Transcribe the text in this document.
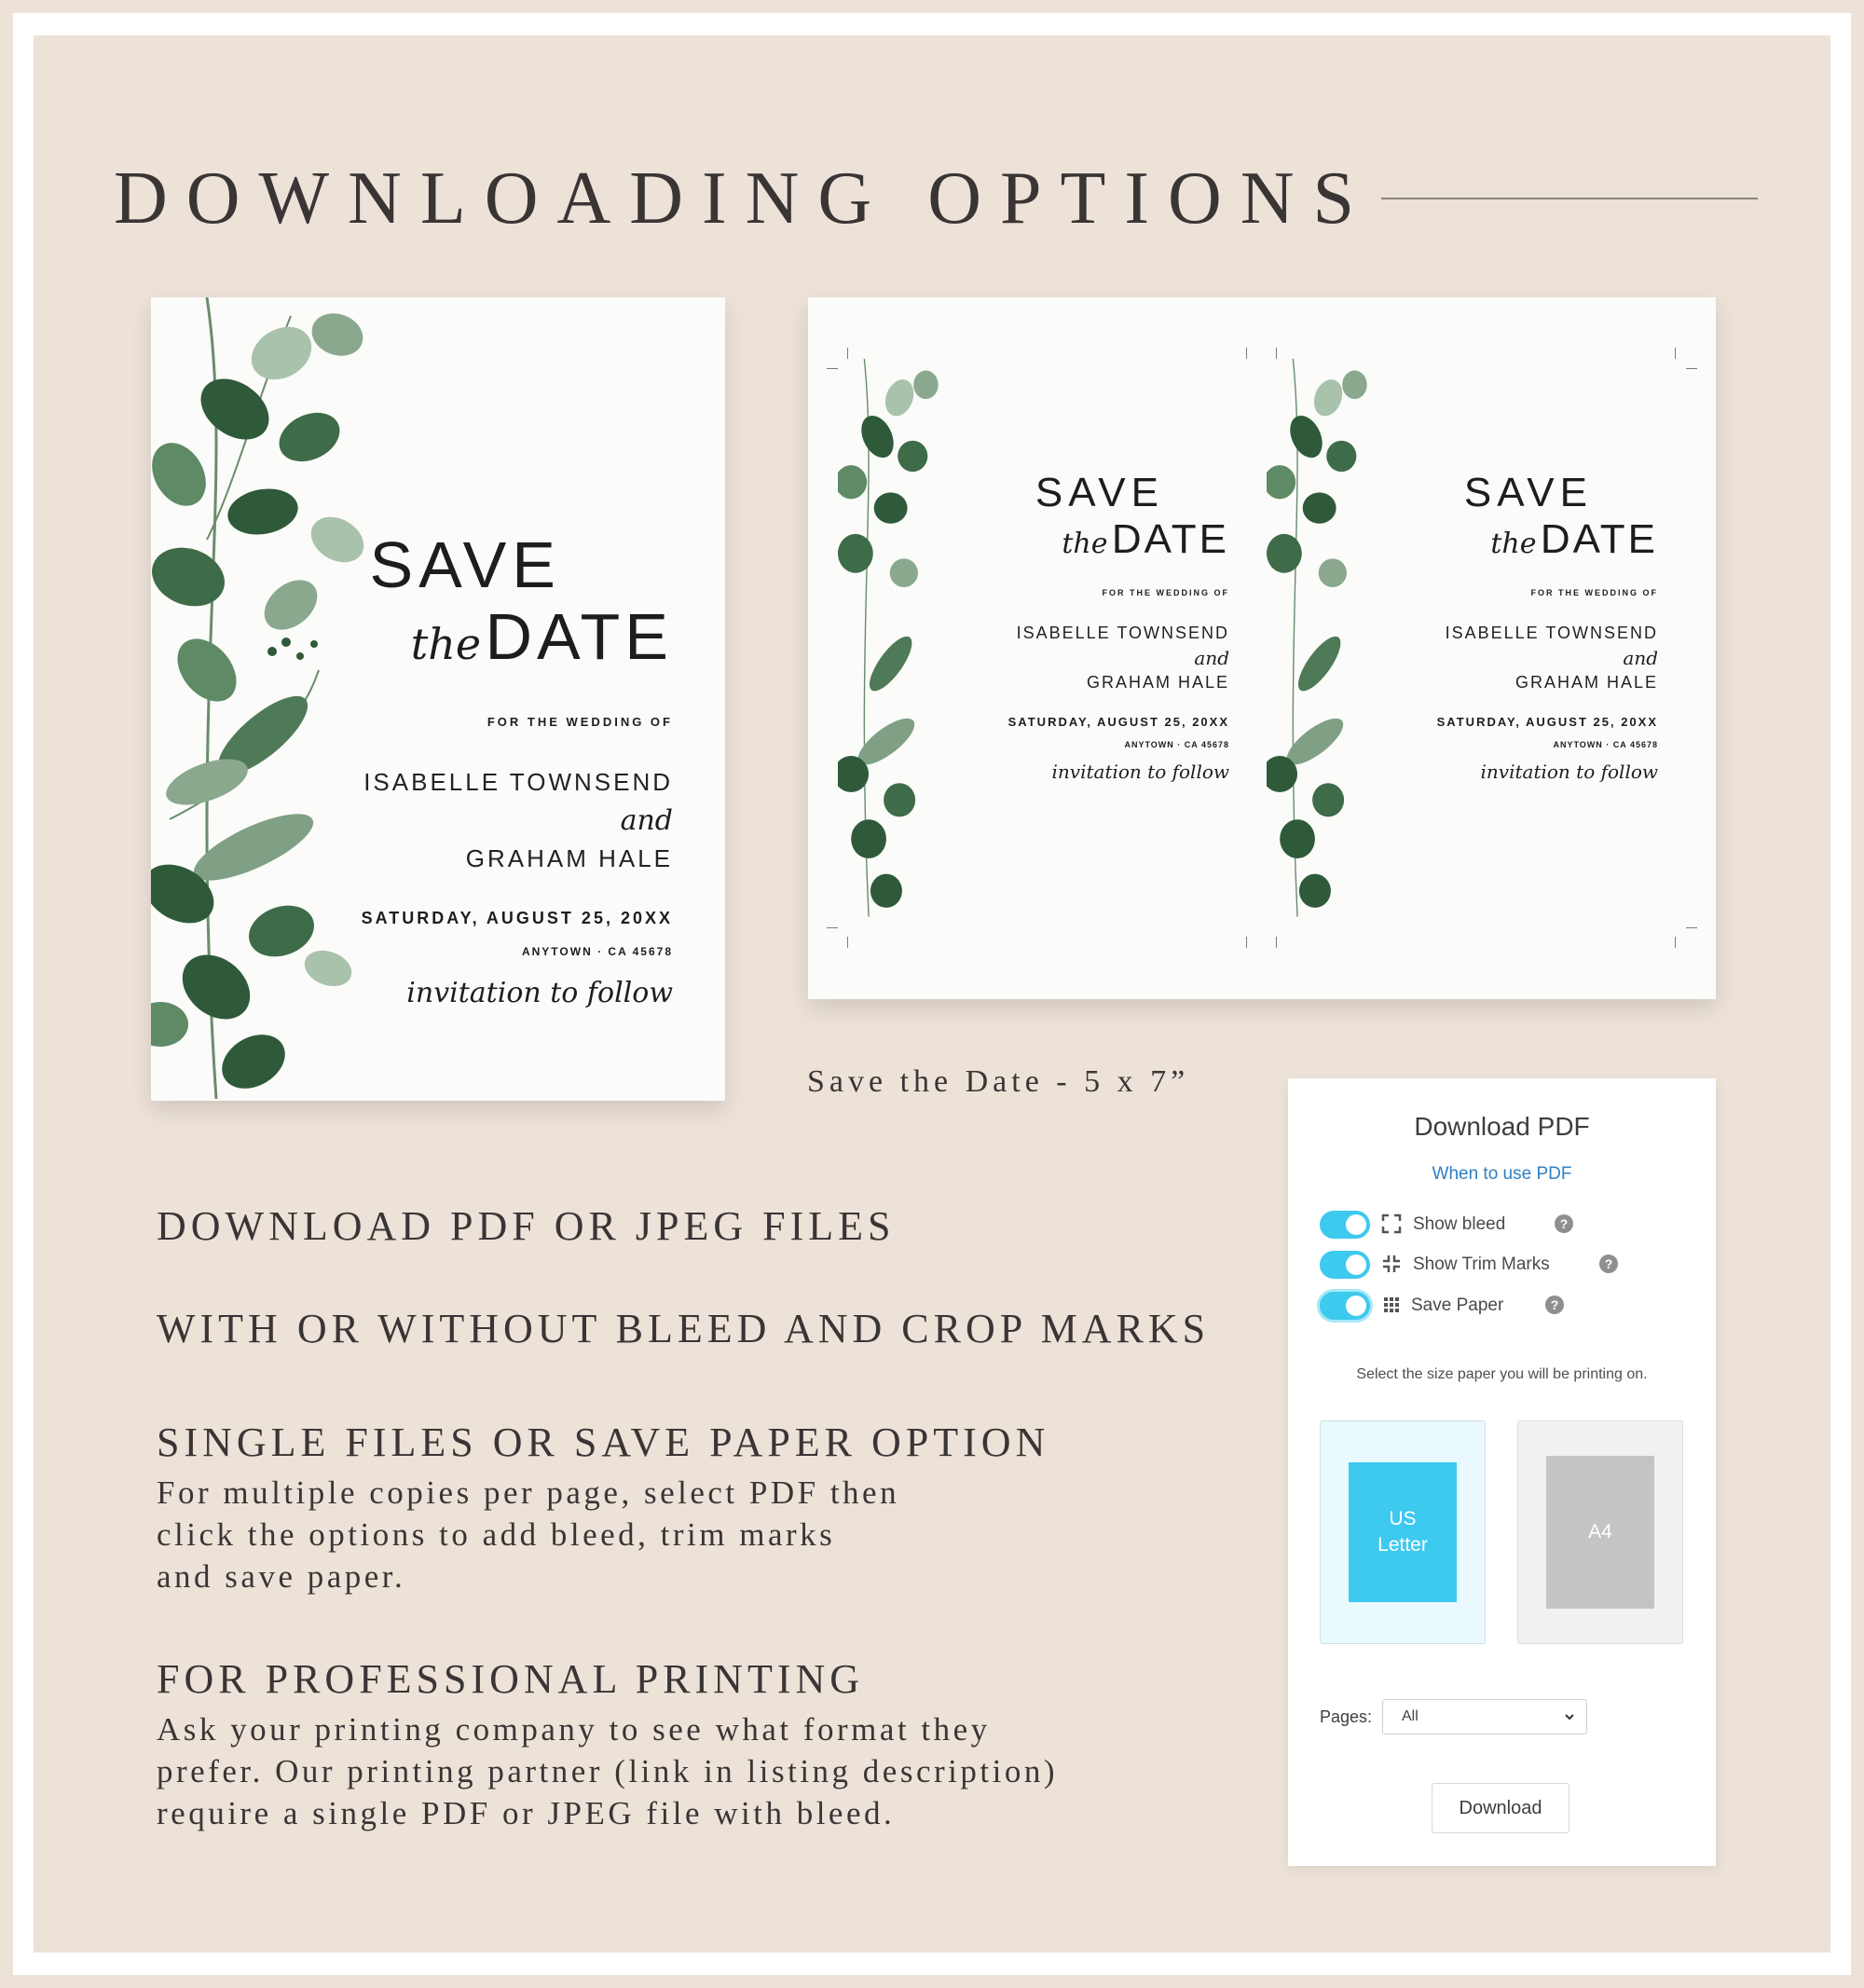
DOWNLOADING OPTIONS
SAVE
the DATE
FOR THE WEDDING OF
ISABELLE TOWNSEND
and
GRAHAM HALE
SATURDAY, AUGUST 25, 20XX
ANYTOWN · CA 45678
invitation to follow
SAVE
the DATE
FOR THE WEDDING OF
ISABELLE TOWNSEND
and
GRAHAM HALE
SATURDAY, AUGUST 25, 20XX
ANYTOWN · CA 45678
invitation to follow
SAVE
the DATE
FOR THE WEDDING OF
ISABELLE TOWNSEND
and
GRAHAM HALE
SATURDAY, AUGUST 25, 20XX
ANYTOWN · CA 45678
invitation to follow
Save the Date - 5 x 7”
DOWNLOAD PDF OR JPEG FILES
WITH OR WITHOUT BLEED AND CROP MARKS
SINGLE FILES OR SAVE PAPER OPTION
For multiple copies per page, select PDF then
click the options to add bleed, trim marks
and save paper.
FOR PROFESSIONAL PRINTING
Ask your printing company to see what format they
prefer. Our printing partner (link in listing description)
require a single PDF or JPEG file with bleed.
Download PDF
When to use PDF
Show bleed	?
Show Trim Marks	?
Save Paper	?
Select the size paper you will be printing on.
US
Letter
A4
Pages: All
Download
